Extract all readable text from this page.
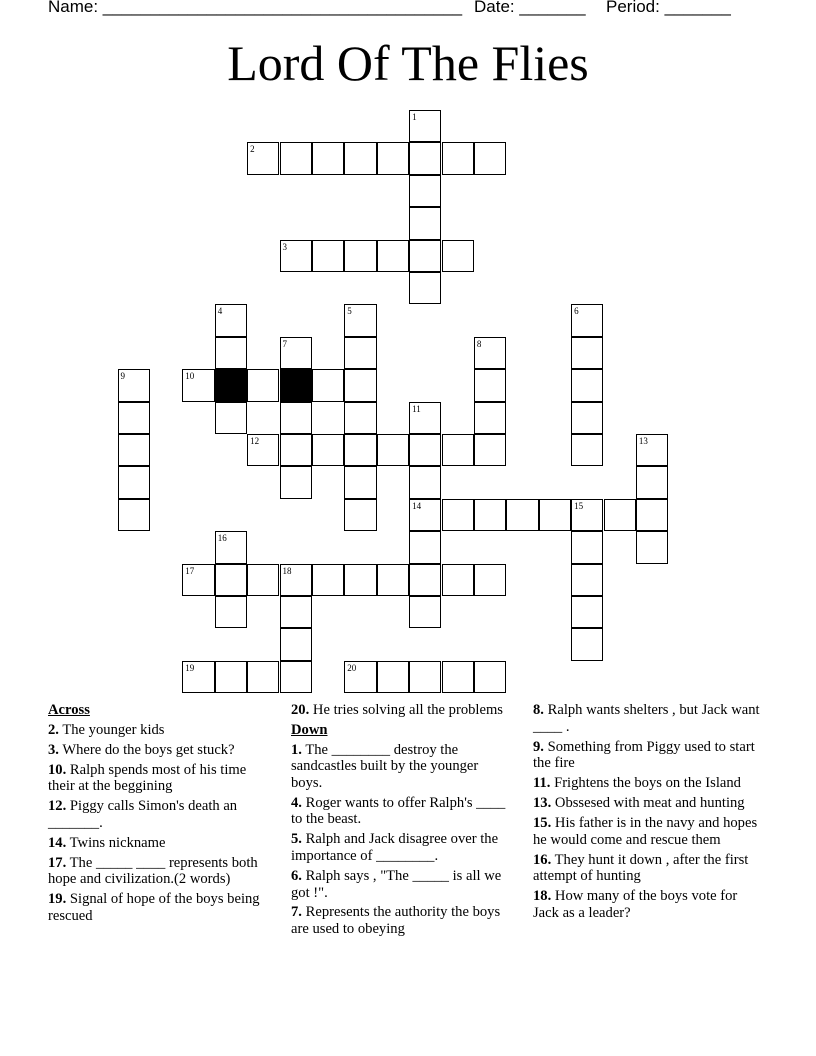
Name: ______________________________________ Date: _______ Period: _______
Lord Of The Flies
1
2
3
4	5	6
7	8
9	10
11
14
12	13
15
16
17	18
19	20
Across
2. The younger kids
3. Where do the boys get stuck?
10. Ralph spends most of his time their at the beggining
12. Piggy calls Simon's death an _______.
14. Twins nickname
17. The _____ ____ represents both hope and civilization.(2 words)
19. Signal of hope of the boys being rescued
20. He tries solving all the problems
Down
1. The ________ destroy the sandcastles built by the younger boys.
4. Roger wants to offer Ralph's ____ to the beast.
5. Ralph and Jack disagree over the importance of ________.
6. Ralph says , "The _____ is all we got !".
7. Represents the authority the boys are used to obeying
8. Ralph wants shelters , but Jack want ____ .
9. Something from Piggy used to start the fire
11. Frightens the boys on the Island
13. Obssesed with meat and hunting
15. His father is in the navy and hopes he would come and rescue them
16. They hunt it down , after the first attempt of hunting
18. How many of the boys vote for Jack as a leader?
